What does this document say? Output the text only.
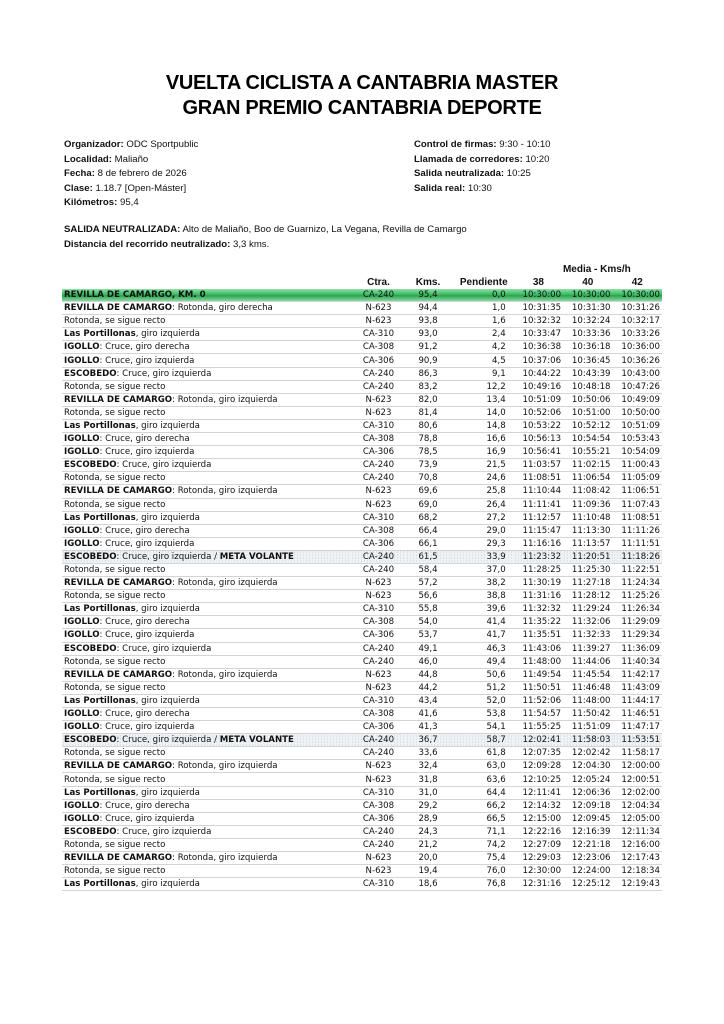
VUELTA CICLISTA A CANTABRIA MASTER
GRAN PREMIO CANTABRIA DEPORTE
Organizador: ODC Sportpublic
Localidad: Maliaño
Fecha: 8 de febrero de 2026
Clase: 1.18.7 [Open-Máster]
Kilómetros: 95,4
Control de firmas: 9:30 - 10:10
Llamada de corredores: 10:20
Salida neutralizada: 10:25
Salida real: 10:30
SALIDA NEUTRALIZADA: Alto de Maliaño, Boo de Guarnizo, La Vegana, Revilla de Camargo
Distancia del recorrido neutralizado: 3,3 kms.
				Media - Kms/h		
	Ctra.	Kms.	Pendiente	38	40	42
REVILLA DE CAMARGO, KM. 0	CA-240	95,4	0,0	10:30:00	10:30:00	10:30:00
REVILLA DE CAMARGO: Rotonda, giro derecha	N-623	94,4	1,0	10:31:35	10:31:30	10:31:26
Rotonda, se sigue recto	N-623	93,8	1,6	10:32:32	10:32:24	10:32:17
Las Portillonas, giro izquierda	CA-310	93,0	2,4	10:33:47	10:33:36	10:33:26
IGOLLO: Cruce, giro derecha	CA-308	91,2	4,2	10:36:38	10:36:18	10:36:00
IGOLLO: Cruce, giro izquierda	CA-306	90,9	4,5	10:37:06	10:36:45	10:36:26
ESCOBEDO: Cruce, giro izquierda	CA-240	86,3	9,1	10:44:22	10:43:39	10:43:00
Rotonda, se sigue recto	CA-240	83,2	12,2	10:49:16	10:48:18	10:47:26
REVILLA DE CAMARGO: Rotonda, giro izquierda	N-623	82,0	13,4	10:51:09	10:50:06	10:49:09
Rotonda, se sigue recto	N-623	81,4	14,0	10:52:06	10:51:00	10:50:00
Las Portillonas, giro izquierda	CA-310	80,6	14,8	10:53:22	10:52:12	10:51:09
IGOLLO: Cruce, giro derecha	CA-308	78,8	16,6	10:56:13	10:54:54	10:53:43
IGOLLO: Cruce, giro izquierda	CA-306	78,5	16,9	10:56:41	10:55:21	10:54:09
ESCOBEDO: Cruce, giro izquierda	CA-240	73,9	21,5	11:03:57	11:02:15	11:00:43
Rotonda, se sigue recto	CA-240	70,8	24,6	11:08:51	11:06:54	11:05:09
REVILLA DE CAMARGO: Rotonda, giro izquierda	N-623	69,6	25,8	11:10:44	11:08:42	11:06:51
Rotonda, se sigue recto	N-623	69,0	26,4	11:11:41	11:09:36	11:07:43
Las Portillonas, giro izquierda	CA-310	68,2	27,2	11:12:57	11:10:48	11:08:51
IGOLLO: Cruce, giro derecha	CA-308	66,4	29,0	11:15:47	11:13:30	11:11:26
IGOLLO: Cruce, giro izquierda	CA-306	66,1	29,3	11:16:16	11:13:57	11:11:51
ESCOBEDO: Cruce, giro izquierda / META VOLANTE	CA-240	61,5	33,9	11:23:32	11:20:51	11:18:26
Rotonda, se sigue recto	CA-240	58,4	37,0	11:28:25	11:25:30	11:22:51
REVILLA DE CAMARGO: Rotonda, giro izquierda	N-623	57,2	38,2	11:30:19	11:27:18	11:24:34
Rotonda, se sigue recto	N-623	56,6	38,8	11:31:16	11:28:12	11:25:26
Las Portillonas, giro izquierda	CA-310	55,8	39,6	11:32:32	11:29:24	11:26:34
IGOLLO: Cruce, giro derecha	CA-308	54,0	41,4	11:35:22	11:32:06	11:29:09
IGOLLO: Cruce, giro izquierda	CA-306	53,7	41,7	11:35:51	11:32:33	11:29:34
ESCOBEDO: Cruce, giro izquierda	CA-240	49,1	46,3	11:43:06	11:39:27	11:36:09
Rotonda, se sigue recto	CA-240	46,0	49,4	11:48:00	11:44:06	11:40:34
REVILLA DE CAMARGO: Rotonda, giro izquierda	N-623	44,8	50,6	11:49:54	11:45:54	11:42:17
Rotonda, se sigue recto	N-623	44,2	51,2	11:50:51	11:46:48	11:43:09
Las Portillonas, giro izquierda	CA-310	43,4	52,0	11:52:06	11:48:00	11:44:17
IGOLLO: Cruce, giro derecha	CA-308	41,6	53,8	11:54:57	11:50:42	11:46:51
IGOLLO: Cruce, giro izquierda	CA-306	41,3	54,1	11:55:25	11:51:09	11:47:17
ESCOBEDO: Cruce, giro izquierda / META VOLANTE	CA-240	36,7	58,7	12:02:41	11:58:03	11:53:51
Rotonda, se sigue recto	CA-240	33,6	61,8	12:07:35	12:02:42	11:58:17
REVILLA DE CAMARGO: Rotonda, giro izquierda	N-623	32,4	63,0	12:09:28	12:04:30	12:00:00
Rotonda, se sigue recto	N-623	31,8	63,6	12:10:25	12:05:24	12:00:51
Las Portillonas, giro izquierda	CA-310	31,0	64,4	12:11:41	12:06:36	12:02:00
IGOLLO: Cruce, giro derecha	CA-308	29,2	66,2	12:14:32	12:09:18	12:04:34
IGOLLO: Cruce, giro izquierda	CA-306	28,9	66,5	12:15:00	12:09:45	12:05:00
ESCOBEDO: Cruce, giro izquierda	CA-240	24,3	71,1	12:22:16	12:16:39	12:11:34
Rotonda, se sigue recto	CA-240	21,2	74,2	12:27:09	12:21:18	12:16:00
REVILLA DE CAMARGO: Rotonda, giro izquierda	N-623	20,0	75,4	12:29:03	12:23:06	12:17:43
Rotonda, se sigue recto	N-623	19,4	76,0	12:30:00	12:24:00	12:18:34
Las Portillonas, giro izquierda	CA-310	18,6	76,8	12:31:16	12:25:12	12:19:43
